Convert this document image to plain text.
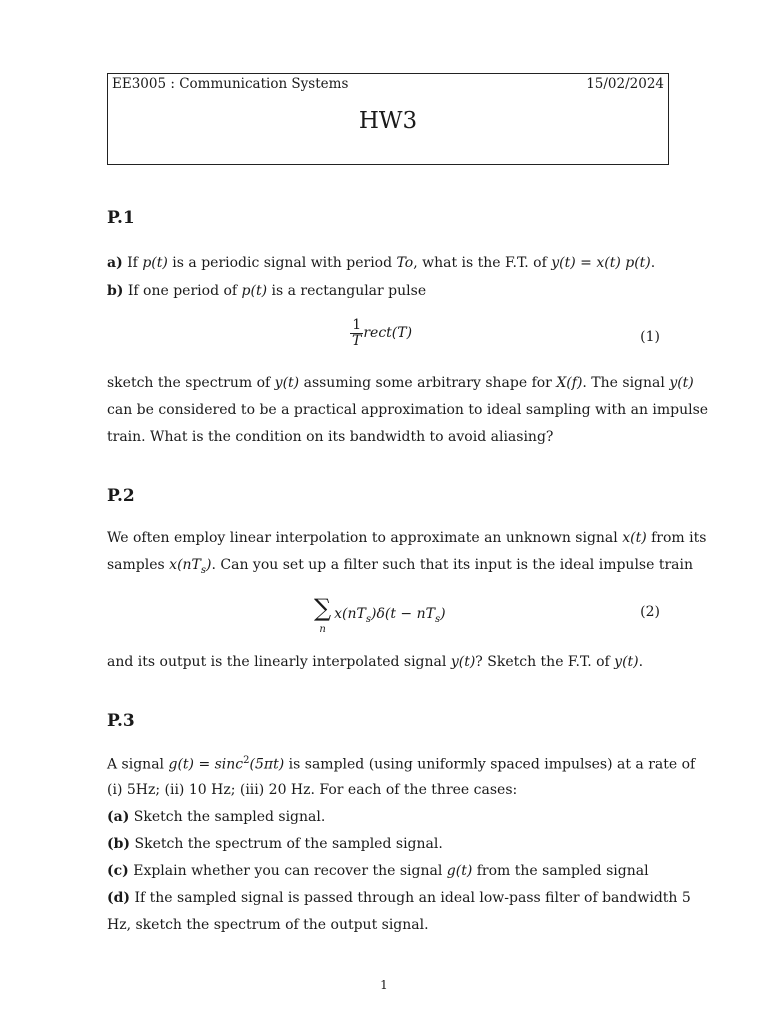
EE3005 : Communication Systems	15/02/2024
HW3
P.1
a) If p(t) is a periodic signal with period To, what is the F.T. of y(t) = x(t) p(t).
b) If one period of p(t) is a rectangular pulse
$\frac{1}{T}$ rect(T)	(1)
sketch the spectrum of y(t) assuming some arbitrary shape for X(f). The signal y(t)
can be considered to be a practical approximation to ideal sampling with an impulse
train. What is the condition on its bandwidth to avoid aliasing?
P.2
We often employ linear interpolation to approximate an unknown signal x(t) from its
samples $x(nT_s)$. Can you set up a filter such that its input is the ideal impulse train
∑
n
$x(nT_s)\delta(t - nT_s)$	(2)
and its output is the linearly interpolated signal y(t)? Sketch the F.T. of y(t).
P.3
A signal g(t) = sinc$^2$(5πt) is sampled (using uniformly spaced impulses) at a rate of
(i) 5Hz; (ii) 10 Hz; (iii) 20 Hz. For each of the three cases:
(a) Sketch the sampled signal.
(b) Sketch the spectrum of the sampled signal.
(c) Explain whether you can recover the signal g(t) from the sampled signal
(d) If the sampled signal is passed through an ideal low-pass filter of bandwidth 5
Hz, sketch the spectrum of the output signal.
1
